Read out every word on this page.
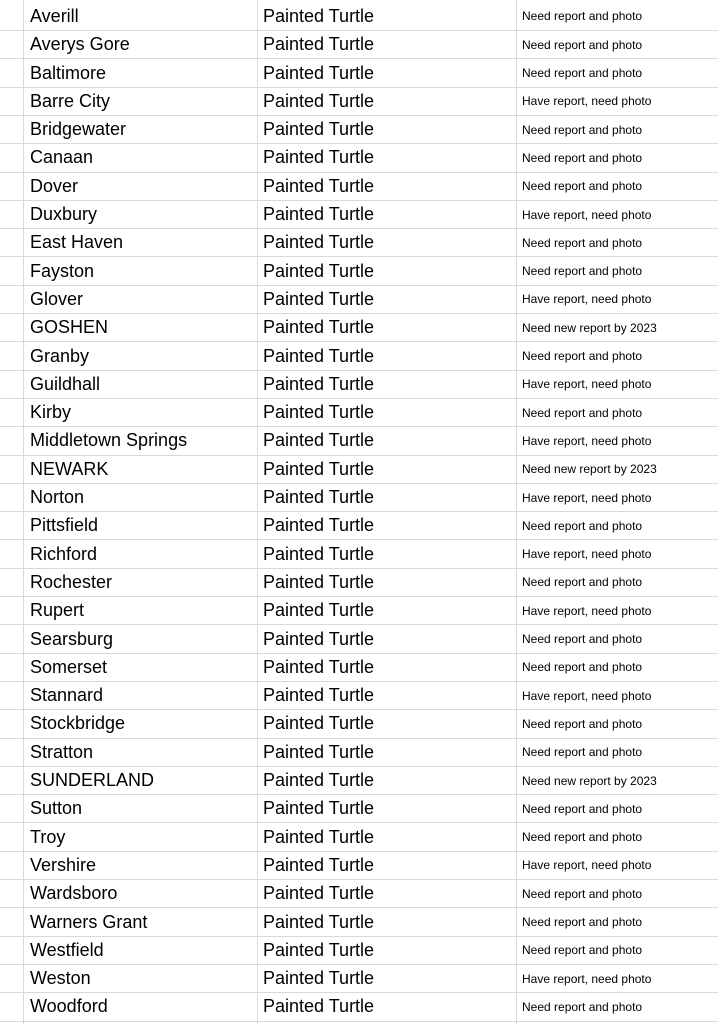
Averill	Painted Turtle	Need report and photo
Averys Gore	Painted Turtle	Need report and photo
Baltimore	Painted Turtle	Need report and photo
Barre City	Painted Turtle	Have report, need photo
Bridgewater	Painted Turtle	Need report and photo
Canaan	Painted Turtle	Need report and photo
Dover	Painted Turtle	Need report and photo
Duxbury	Painted Turtle	Have report, need photo
East Haven	Painted Turtle	Need report and photo
Fayston	Painted Turtle	Need report and photo
Glover	Painted Turtle	Have report, need photo
GOSHEN	Painted Turtle	Need new report by 2023
Granby	Painted Turtle	Need report and photo
Guildhall	Painted Turtle	Have report, need photo
Kirby	Painted Turtle	Need report and photo
Middletown Springs	Painted Turtle	Have report, need photo
NEWARK	Painted Turtle	Need new report by 2023
Norton	Painted Turtle	Have report, need photo
Pittsfield	Painted Turtle	Need report and photo
Richford	Painted Turtle	Have report, need photo
Rochester	Painted Turtle	Need report and photo
Rupert	Painted Turtle	Have report, need photo
Searsburg	Painted Turtle	Need report and photo
Somerset	Painted Turtle	Need report and photo
Stannard	Painted Turtle	Have report, need photo
Stockbridge	Painted Turtle	Need report and photo
Stratton	Painted Turtle	Need report and photo
SUNDERLAND	Painted Turtle	Need new report by 2023
Sutton	Painted Turtle	Need report and photo
Troy	Painted Turtle	Need report and photo
Vershire	Painted Turtle	Have report, need photo
Wardsboro	Painted Turtle	Need report and photo
Warners Grant	Painted Turtle	Need report and photo
Westfield	Painted Turtle	Need report and photo
Weston	Painted Turtle	Have report, need photo
Woodford	Painted Turtle	Need report and photo
